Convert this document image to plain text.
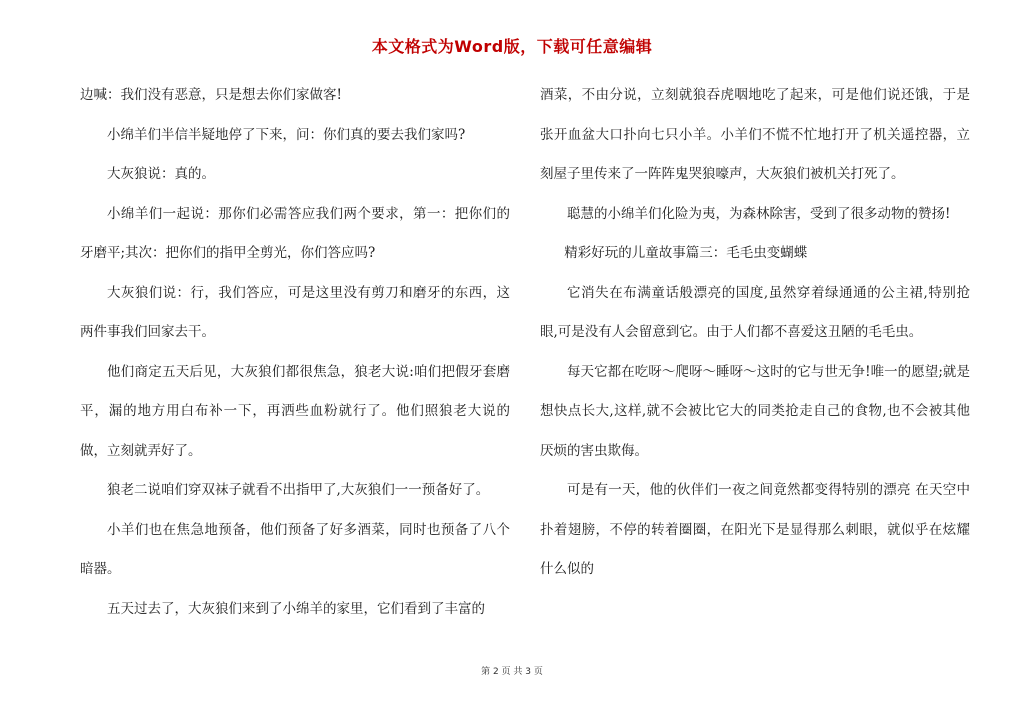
本文格式为Word版，下载可任意编辑

边喊：我们没有恶意，只是想去你们家做客!

小绵羊们半信半疑地停了下来，问：你们真的要去我们家吗?

大灰狼说：真的。

小绵羊们一起说：那你们必需答应我们两个要求，第一：把你们的牙磨平;其次：把你们的指甲全剪光，你们答应吗?

大灰狼们说：行，我们答应，可是这里没有剪刀和磨牙的东西，这两件事我们回家去干。

他们商定五天后见，大灰狼们都很焦急，狼老大说:咱们把假牙套磨平，漏的地方用白布补一下，再洒些血粉就行了。他们照狼老大说的做，立刻就弄好了。

狼老二说咱们穿双袜子就看不出指甲了,大灰狼们一一预备好了。

小羊们也在焦急地预备，他们预备了好多酒菜，同时也预备了八个暗器。

五天过去了，大灰狼们来到了小绵羊的家里，它们看到了丰富的

酒菜，不由分说，立刻就狼吞虎咽地吃了起来，可是他们说还饿，于是张开血盆大口扑向七只小羊。小羊们不慌不忙地打开了机关遥控器，立刻屋子里传来了一阵阵鬼哭狼嚎声，大灰狼们被机关打死了。

聪慧的小绵羊们化险为夷，为森林除害，受到了很多动物的赞扬!

精彩好玩的儿童故事篇三：毛毛虫变蝴蝶

它消失在布满童话般漂亮的国度,虽然穿着绿通通的公主裙,特别抢眼,可是没有人会留意到它。由于人们都不喜爱这丑陋的毛毛虫。

每天它都在吃呀～爬呀～睡呀～这时的它与世无争!唯一的愿望;就是想快点长大,这样,就不会被比它大的同类抢走自己的食物,也不会被其他厌烦的害虫欺侮。

可是有一天，他的伙伴们一夜之间竟然都变得特别的漂亮 在天空中扑着翅膀，不停的转着圈圈，在阳光下是显得那么刺眼，就似乎在炫耀什么似的

第 2 页 共 3 页
